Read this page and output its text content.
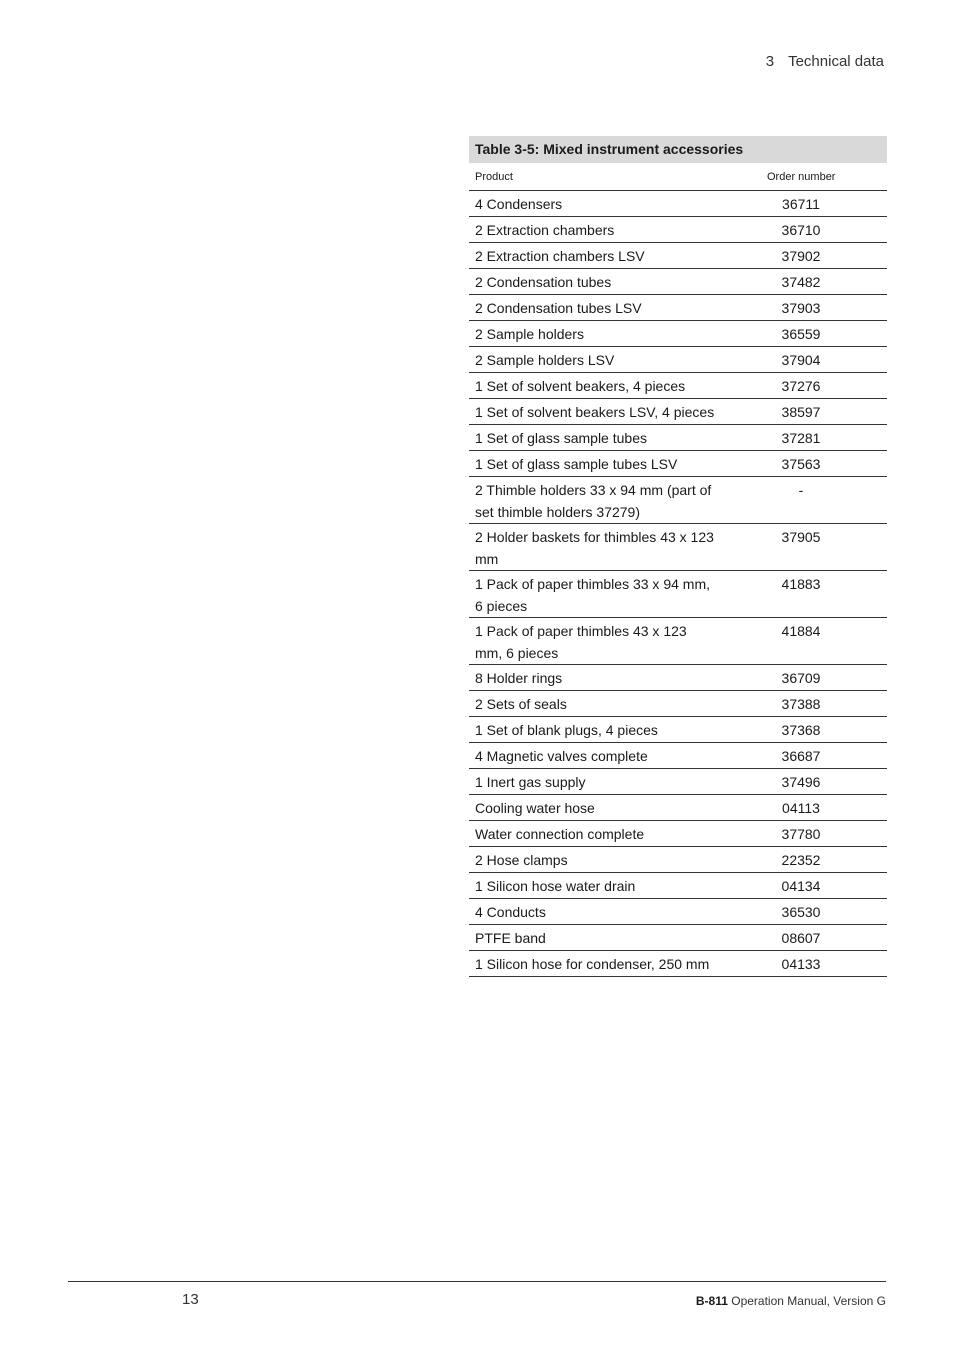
3 Technical data
Table 3-5: Mixed instrument accessories
Product	Order number
4 Condensers	36711
2 Extraction chambers	36710
2 Extraction chambers LSV	37902
2 Condensation tubes	37482
2 Condensation tubes LSV	37903
2 Sample holders	36559
2 Sample holders LSV	37904
1 Set of solvent beakers, 4 pieces	37276
1 Set of solvent beakers LSV, 4 pieces	38597
1 Set of glass sample tubes	37281
1 Set of glass sample tubes LSV	37563
2 Thimble holders 33 x 94 mm (part of set thimble holders 37279)	-
2 Holder baskets for thimbles 43 x 123 mm	37905
1 Pack of paper thimbles 33 x 94 mm, 6 pieces	41883
1 Pack of paper thimbles 43 x 123 mm, 6 pieces	41884
8 Holder rings	36709
2 Sets of seals	37388
1 Set of blank plugs, 4 pieces	37368
4 Magnetic valves complete	36687
1 Inert gas supply	37496
Cooling water hose	04113
Water connection complete	37780
2 Hose clamps	22352
1 Silicon hose water drain	04134
4 Conducts	36530
PTFE band	08607
1 Silicon hose for condenser, 250 mm	04133
13	B-811 Operation Manual, Version G
